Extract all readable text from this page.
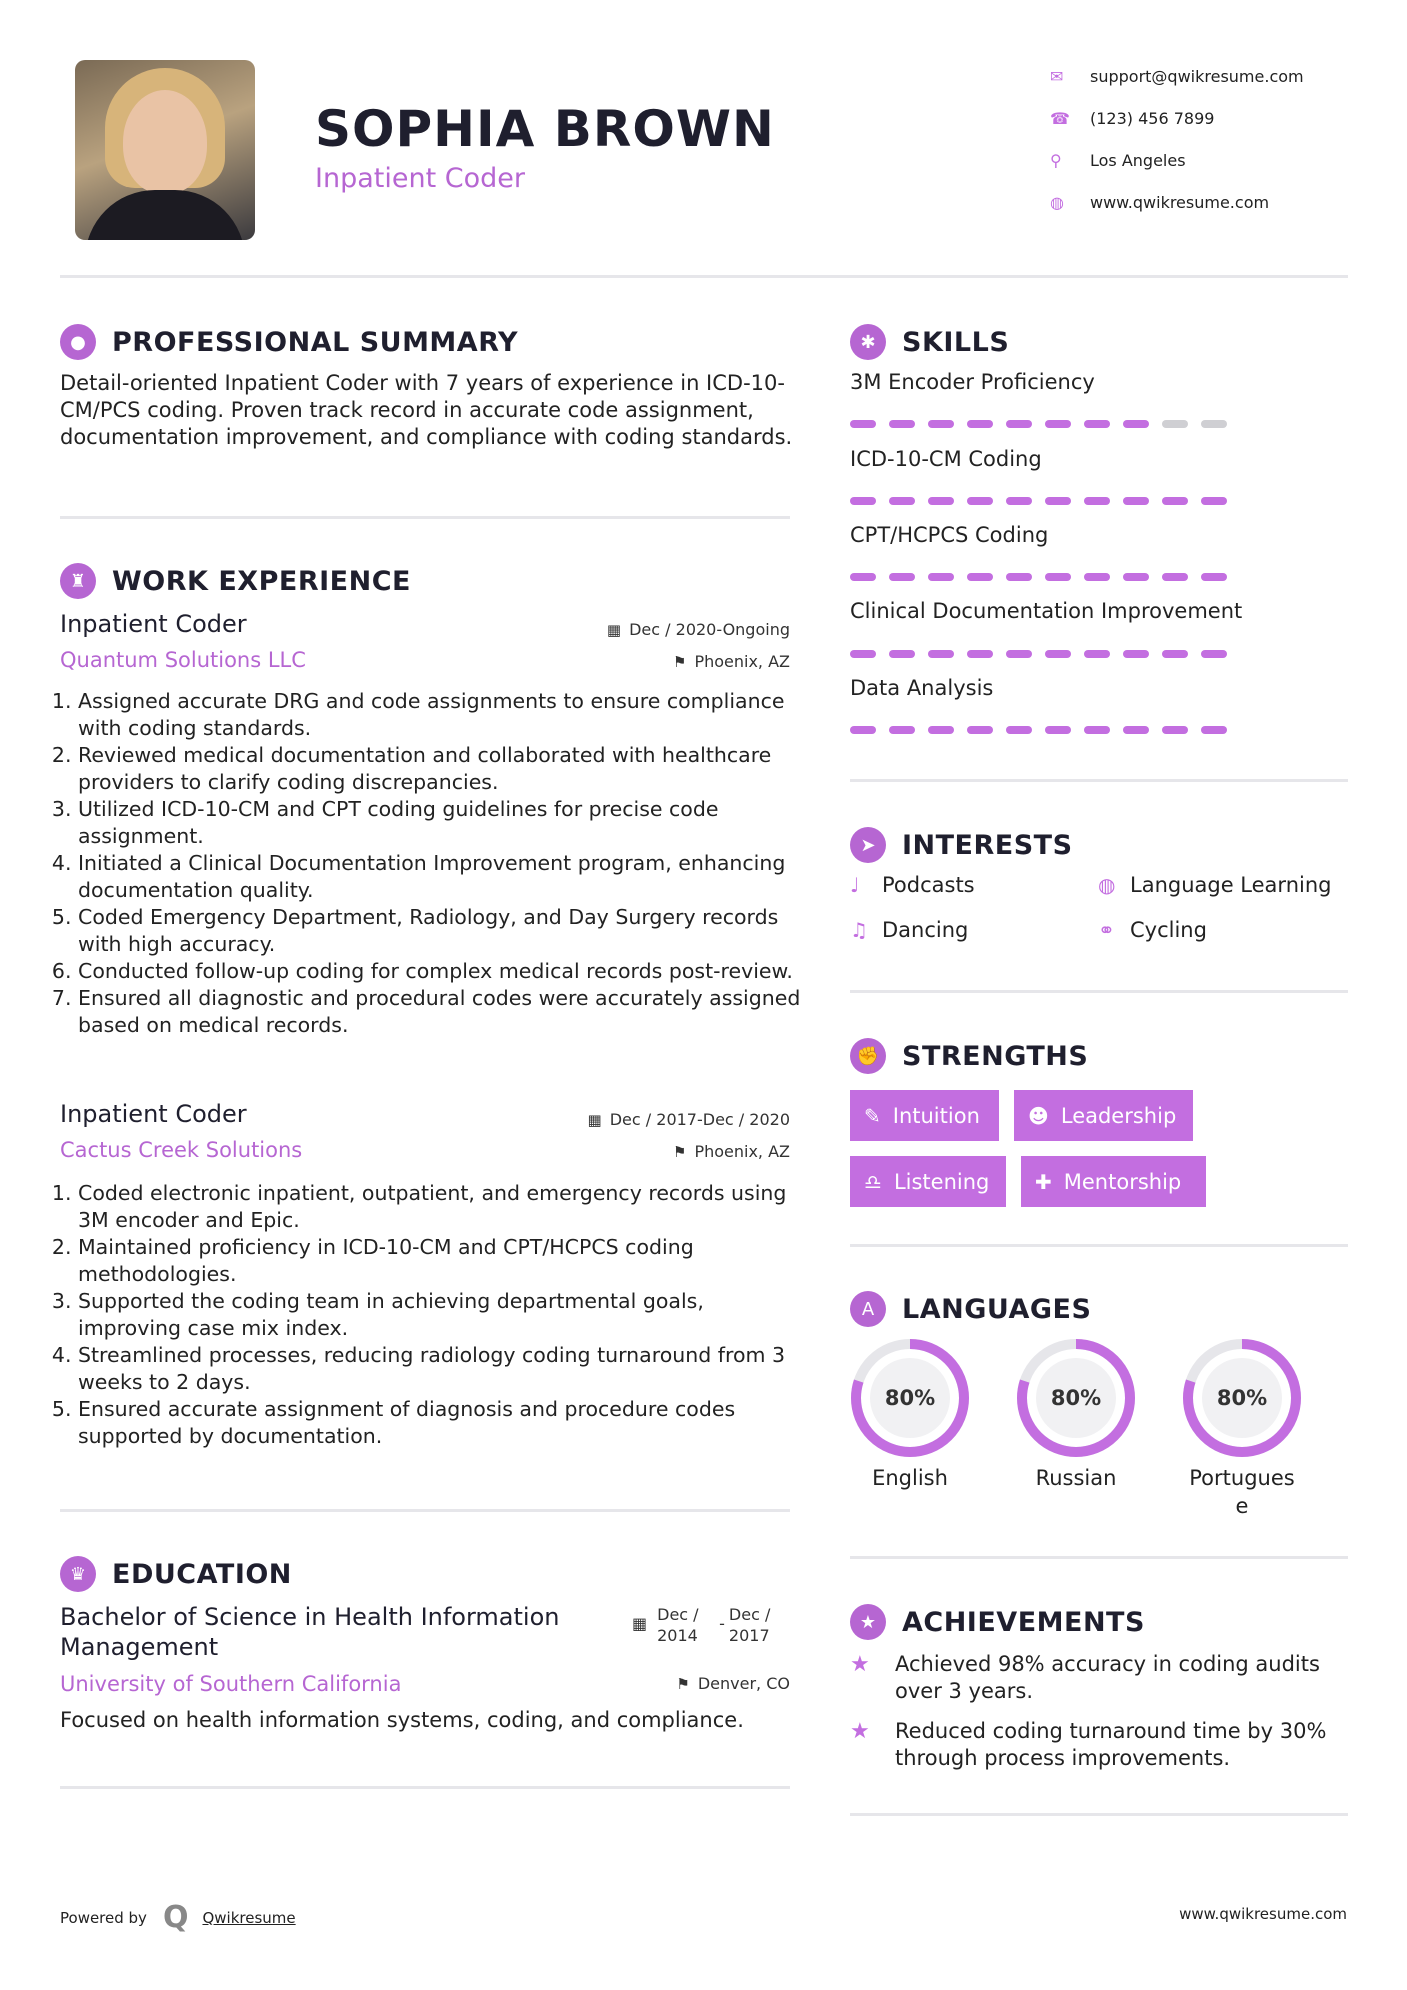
SOPHIA BROWN
Inpatient Coder
✉	support@qwikresume.com
☎	(123) 456 7899
⚲	Los Angeles
◍	www.qwikresume.com
● PROFESSIONAL SUMMARY
Detail-oriented Inpatient Coder with 7 years of experience in ICD-10-CM/PCS coding. Proven track record in accurate code assignment, documentation improvement, and compliance with coding standards.
♜ WORK EXPERIENCE
Inpatient Coder	▦ Dec / 2020-Ongoing
Quantum Solutions LLC	⚑ Phoenix, AZ
1. Assigned accurate DRG and code assignments to ensure compliance with coding standards.
2. Reviewed medical documentation and collaborated with healthcare providers to clarify coding discrepancies.
3. Utilized ICD-10-CM and CPT coding guidelines for precise code assignment.
4. Initiated a Clinical Documentation Improvement program, enhancing documentation quality.
5. Coded Emergency Department, Radiology, and Day Surgery records with high accuracy.
6. Conducted follow-up coding for complex medical records post-review.
7. Ensured all diagnostic and procedural codes were accurately assigned based on medical records.
Inpatient Coder	▦ Dec / 2017-Dec / 2020
Cactus Creek Solutions	⚑ Phoenix, AZ
1. Coded electronic inpatient, outpatient, and emergency records using 3M encoder and Epic.
2. Maintained proficiency in ICD-10-CM and CPT/HCPCS coding methodologies.
3. Supported the coding team in achieving departmental goals, improving case mix index.
4. Streamlined processes, reducing radiology coding turnaround from 3 weeks to 2 days.
5. Ensured accurate assignment of diagnosis and procedure codes supported by documentation.
♛ EDUCATION
Bachelor of Science in Health Information Management
▦ Dec / 2014
- Dec / 2017
University of Southern California	⚑ Denver, CO
Focused on health information systems, coding, and compliance.
✱ SKILLS
3M Encoder Proficiency
ICD-10-CM Coding
CPT/HCPCS Coding
Clinical Documentation Improvement
Data Analysis
➤ INTERESTS
♩	Podcasts	◍ Language Learning
♫ Dancing	⚭ Cycling
✊ STRENGTHS
✎ Intuition ☻ Leadership
♎ Listening ✚ Mentorship
A	LANGUAGES
80%
English
80%
Russian
80%
Portugues
e
★ ACHIEVEMENTS
★	Achieved 98% accuracy in coding audits over 3 years.
★	Reduced coding turnaround time by 30% through process improvements.
Powered by Q Qwikresume	www.qwikresume.com
